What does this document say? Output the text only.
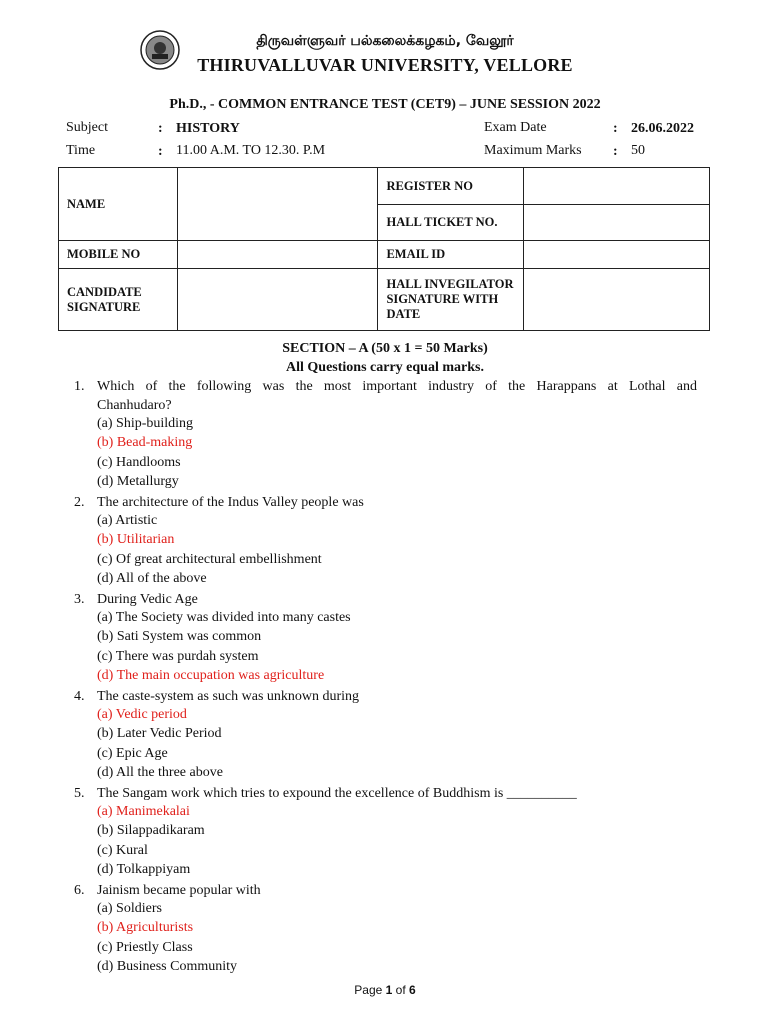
திருவள்ளுவர் பல்கலைக்கழகம், வேலூர்
THIRUVALLUVAR UNIVERSITY, VELLORE
Ph.D., - COMMON ENTRANCE TEST (CET9) – JUNE SESSION 2022
Subject	: HISTORY
Time	: 11.00 A.M. TO 12.30. P.M
Exam Date	: 26.06.2022
Maximum Marks : 50
NAME		REGISTER NO	
		HALL TICKET NO.	
MOBILE NO		EMAIL ID	
CANDIDATE SIGNATURE		HALL INVEGILATOR SIGNATURE WITH DATE	
SECTION – A (50 x 1 = 50 Marks)
All Questions carry equal marks.
1. Which of the following was the most important industry of the Harappans at Lothal and
Chanhudaro?
(a) Ship-building
(b) Bead-making
(c) Handlooms
(d) Metallurgy
2. The architecture of the Indus Valley people was
(a) Artistic
(b) Utilitarian
(c) Of great architectural embellishment
(d) All of the above
3. During Vedic Age
(a) The Society was divided into many castes
(b) Sati System was common
(c) There was purdah system
(d) The main occupation was agriculture
4. The caste-system as such was unknown during
(a) Vedic period
(b) Later Vedic Period
(c) Epic Age
(d) All the three above
5. The Sangam work which tries to expound the excellence of Buddhism is __________
(a) Manimekalai
(b) Silappadikaram
(c) Kural
(d) Tolkappiyam
6. Jainism became popular with
(a) Soldiers
(b) Agriculturists
(c) Priestly Class
(d) Business Community
Page 1 of 6
